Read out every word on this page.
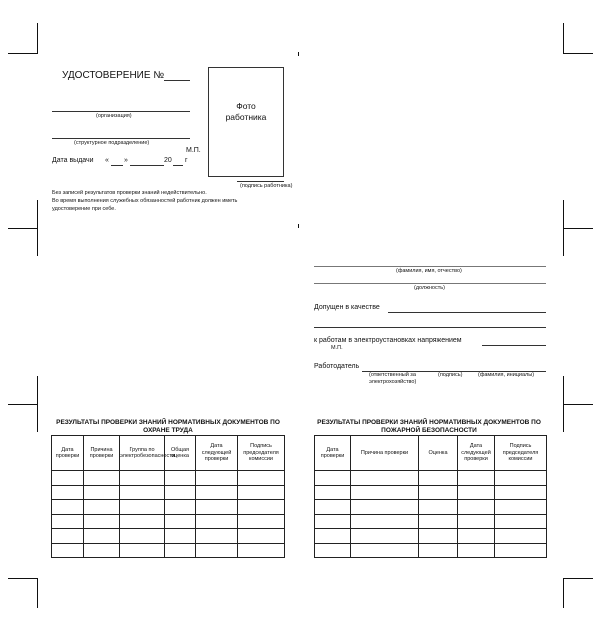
УДОСТОВЕРЕНИЕ №
(организация)
(структурное подразделение)
М.П.
Дата выдачи « »	20 г
Фото
работника
(подпись работника)
Без записей результатов проверки знаний недействительно.
Во время выполнения служебных обязанностей работник должен иметь
удостоверение при себе.
(фамилия, имя, отчество)
(должность)
Допущен в качестве
к работам в электроустановках напряжением
М.П.
Работодатель
(ответственный за
электрохозяйство)
(подпись)	(фамилия, инициалы)
РЕЗУЛЬТАТЫ ПРОВЕРКИ ЗНАНИЙ НОРМАТИВНЫХ ДОКУМЕНТОВ ПО
ОХРАНЕ ТРУДА
Дата проверки	Причина проверки	Группа по электробезопасности	Общая оценка	Дата следующей проверки	Подпись председателя комиссии

РЕЗУЛЬТАТЫ ПРОВЕРКИ ЗНАНИЙ НОРМАТИВНЫХ ДОКУМЕНТОВ ПО
ПОЖАРНОЙ БЕЗОПАСНОСТИ
Дата проверки	Причина проверки	Оценка	Дата следующей проверки	Подпись председателя комиссии
